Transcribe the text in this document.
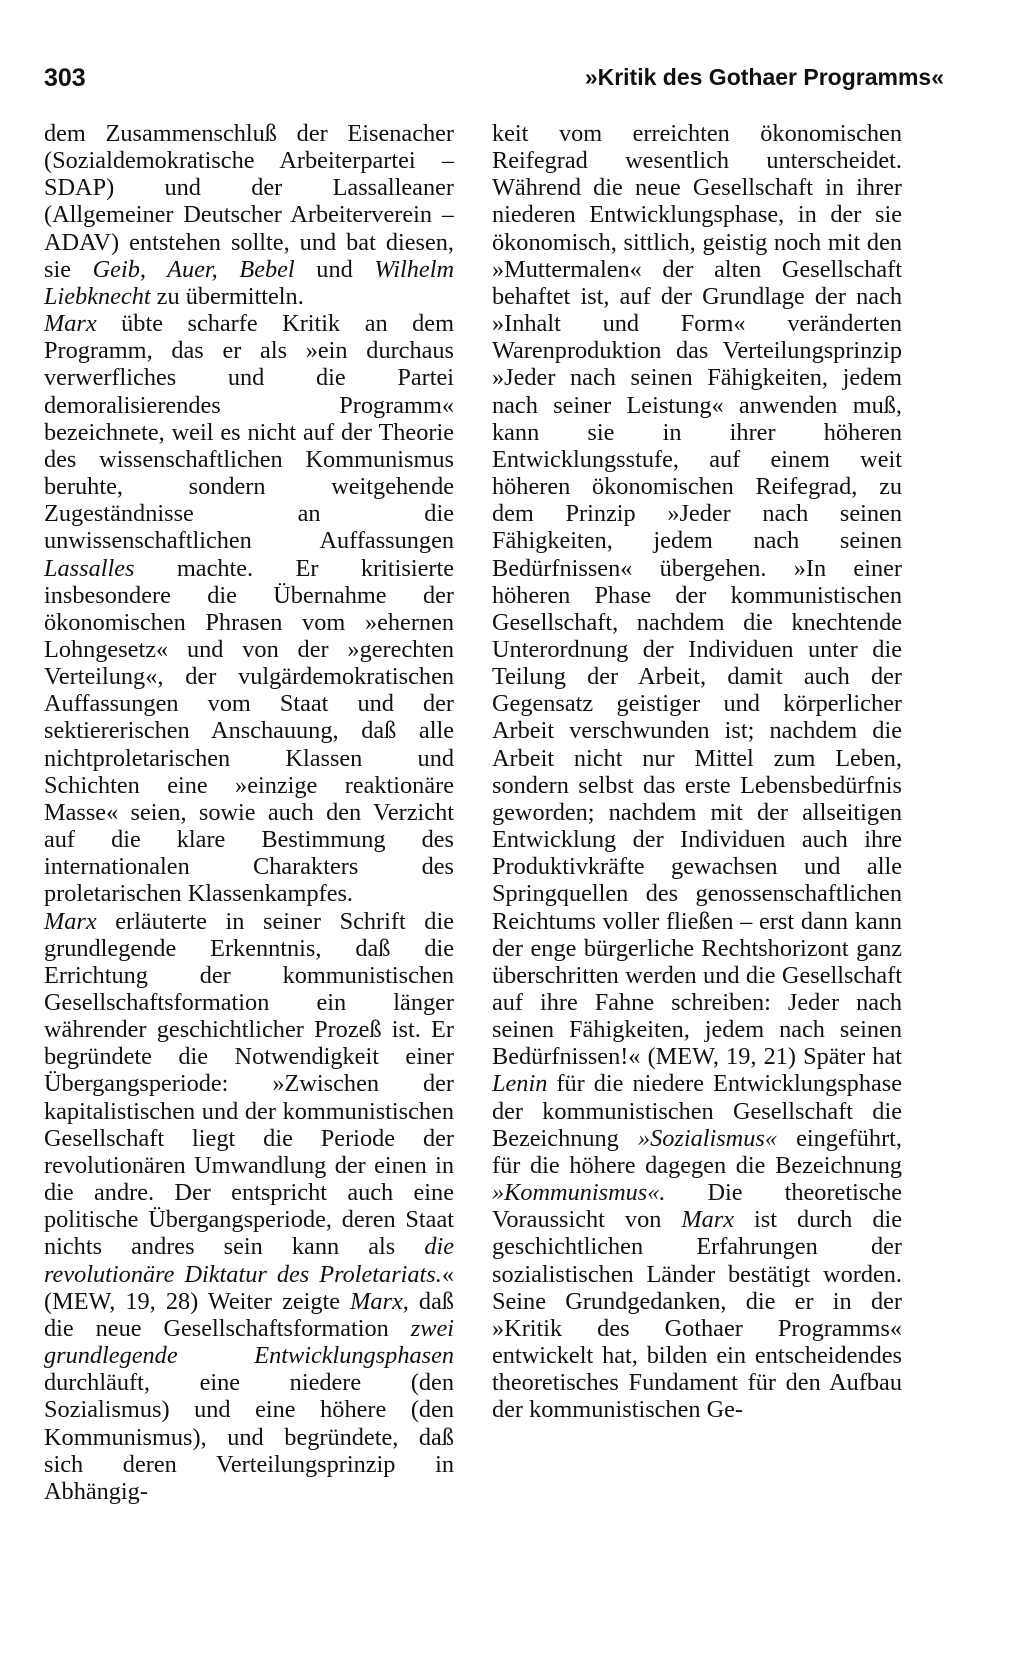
303	»Kritik des Gothaer Programms«

dem Zusammenschluß der Eisenacher (Sozialdemokratische Arbeiterpartei – SDAP) und der Lassalleaner (Allgemeiner Deutscher Arbeiterverein – ADAV) entstehen sollte, und bat diesen, sie Geib, Auer, Bebel und Wilhelm Liebknecht zu übermitteln.

Marx übte scharfe Kritik an dem Programm, das er als »ein durchaus verwerfliches und die Partei demoralisierendes Programm« bezeichnete, weil es nicht auf der Theorie des wissenschaftlichen Kommunismus beruhte, sondern weitgehende Zugeständnisse an die unwissenschaftlichen Auffassungen Lassalles machte. Er kritisierte insbesondere die Übernahme der ökonomischen Phrasen vom »ehernen Lohngesetz« und von der »gerechten Verteilung«, der vulgärdemokratischen Auffassungen vom Staat und der sektiererischen Anschauung, daß alle nichtproletarischen Klassen und Schichten eine »einzige reaktionäre Masse« seien, sowie auch den Verzicht auf die klare Bestimmung des internationalen Charakters des proletarischen Klassenkampfes.

Marx erläuterte in seiner Schrift die grundlegende Erkenntnis, daß die Errichtung der kommunistischen Gesellschaftsformation ein länger währender geschichtlicher Prozeß ist. Er begründete die Notwendigkeit einer Übergangsperiode: »Zwischen der kapitalistischen und der kommunistischen Gesellschaft liegt die Periode der revolutionären Umwandlung der einen in die andre. Der entspricht auch eine politische Übergangsperiode, deren Staat nichts andres sein kann als die revolutionäre Diktatur des Proletariats.« (MEW, 19, 28) Weiter zeigte Marx, daß die neue Gesellschaftsformation zwei grundlegende Entwicklungsphasen durchläuft, eine niedere (den Sozialismus) und eine höhere (den Kommunismus), und begründete, daß sich deren Verteilungsprinzip in Abhängig-

keit vom erreichten ökonomischen Reifegrad wesentlich unterscheidet. Während die neue Gesellschaft in ihrer niederen Entwicklungsphase, in der sie ökonomisch, sittlich, geistig noch mit den »Muttermalen« der alten Gesellschaft behaftet ist, auf der Grundlage der nach »Inhalt und Form« veränderten Warenproduktion das Verteilungsprinzip »Jeder nach seinen Fähigkeiten, jedem nach seiner Leistung« anwenden muß, kann sie in ihrer höheren Entwicklungsstufe, auf einem weit höheren ökonomischen Reifegrad, zu dem Prinzip »Jeder nach seinen Fähigkeiten, jedem nach seinen Bedürfnissen« übergehen. »In einer höheren Phase der kommunistischen Gesellschaft, nachdem die knechtende Unterordnung der Individuen unter die Teilung der Arbeit, damit auch der Gegensatz geistiger und körperlicher Arbeit verschwunden ist; nachdem die Arbeit nicht nur Mittel zum Leben, sondern selbst das erste Lebensbedürfnis geworden; nachdem mit der allseitigen Entwicklung der Individuen auch ihre Produktivkräfte gewachsen und alle Springquellen des genossenschaftlichen Reichtums voller fließen – erst dann kann der enge bürgerliche Rechtshorizont ganz überschritten werden und die Gesellschaft auf ihre Fahne schreiben: Jeder nach seinen Fähigkeiten, jedem nach seinen Bedürfnissen!« (MEW, 19, 21) Später hat Lenin für die niedere Entwicklungsphase der kommunistischen Gesellschaft die Bezeichnung »Sozialismus« eingeführt, für die höhere dagegen die Bezeichnung »Kommunismus«. Die theoretische Voraussicht von Marx ist durch die geschichtlichen Erfahrungen der sozialistischen Länder bestätigt worden. Seine Grundgedanken, die er in der »Kritik des Gothaer Programms« entwickelt hat, bilden ein entscheidendes theoretisches Fundament für den Aufbau der kommunistischen Ge-
